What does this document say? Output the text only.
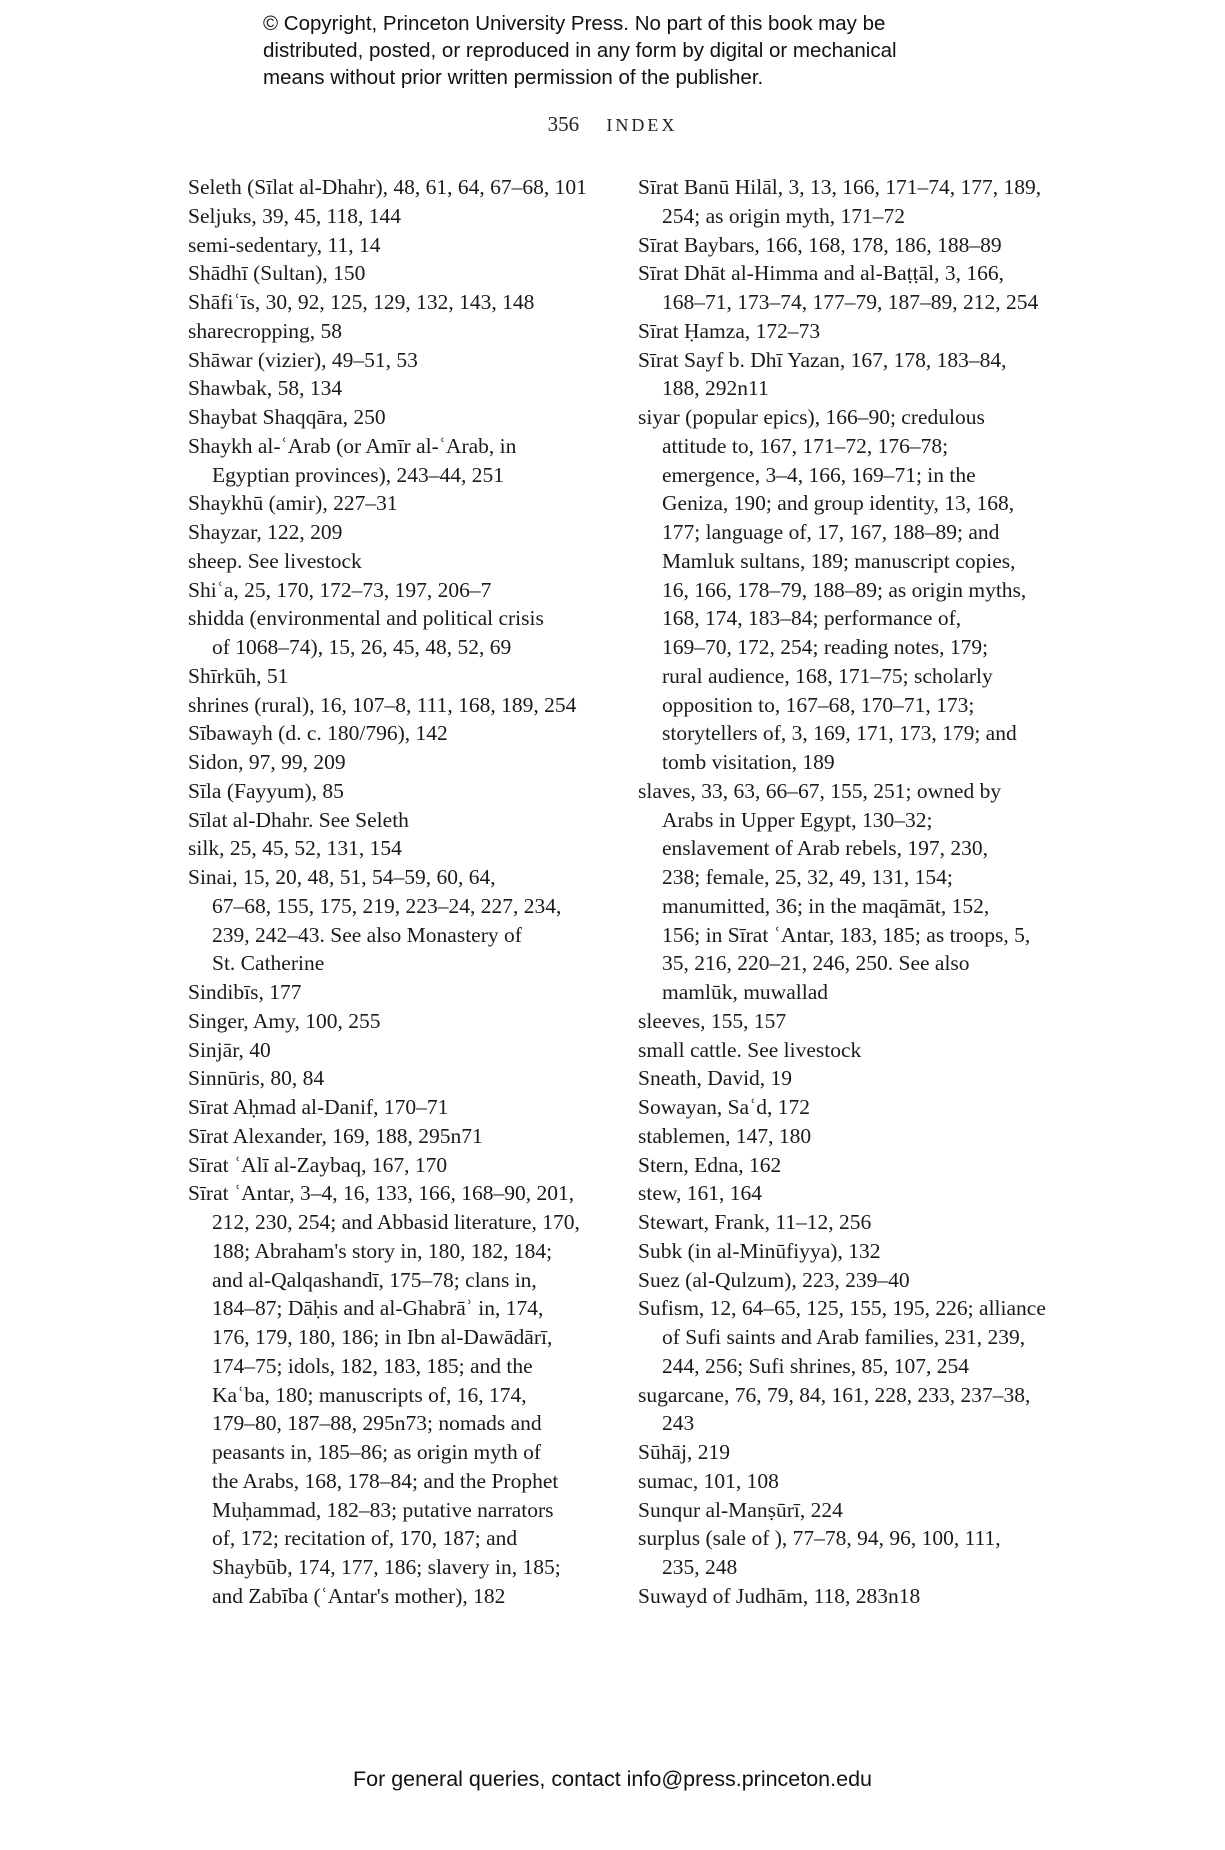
© Copyright, Princeton University Press. No part of this book may be
distributed, posted, or reproduced in any form by digital or mechanical
means without prior written permission of the publisher.
356 INDEX
Seleth (Sīlat al-Dhahr), 48, 61, 64, 67–68, 101
Seljuks, 39, 45, 118, 144
semi-sedentary, 11, 14
Shādhī (Sultan), 150
Shāfiʿīs, 30, 92, 125, 129, 132, 143, 148
sharecropping, 58
Shāwar (vizier), 49–51, 53
Shawbak, 58, 134
Shaybat Shaqqāra, 250
Shaykh al-ʿArab (or Amīr al-ʿArab, in
Egyptian provinces), 243–44, 251
Shaykhū (amir), 227–31
Shayzar, 122, 209
sheep. See livestock
Shiʿa, 25, 170, 172–73, 197, 206–7
shidda (environmental and political crisis
of 1068–74), 15, 26, 45, 48, 52, 69
Shīrkūh, 51
shrines (rural), 16, 107–8, 111, 168, 189, 254
Sībawayh (d. c. 180/796), 142
Sidon, 97, 99, 209
Sīla (Fayyum), 85
Sīlat al-Dhahr. See Seleth
silk, 25, 45, 52, 131, 154
Sinai, 15, 20, 48, 51, 54–59, 60, 64,
67–68, 155, 175, 219, 223–24, 227, 234,
239, 242–43. See also Monastery of
St. Catherine
Sindibīs, 177
Singer, Amy, 100, 255
Sinjār, 40
Sinnūris, 80, 84
Sīrat Aḥmad al-Danif, 170–71
Sīrat Alexander, 169, 188, 295n71
Sīrat ʿAlī al-Zaybaq, 167, 170
Sīrat ʿAntar, 3–4, 16, 133, 166, 168–90, 201,
212, 230, 254; and Abbasid literature, 170,
188; Abraham's story in, 180, 182, 184;
and al-Qalqashandī, 175–78; clans in,
184–87; Dāḥis and al-Ghabrāʾ in, 174,
176, 179, 180, 186; in Ibn al-Dawādārī,
174–75; idols, 182, 183, 185; and the
Kaʿba, 180; manuscripts of, 16, 174,
179–80, 187–88, 295n73; nomads and
peasants in, 185–86; as origin myth of
the Arabs, 168, 178–84; and the Prophet
Muḥammad, 182–83; putative narrators
of, 172; recitation of, 170, 187; and
Shaybūb, 174, 177, 186; slavery in, 185;
and Zabība (ʿAntar's mother), 182
Sīrat Banū Hilāl, 3, 13, 166, 171–74, 177, 189,
254; as origin myth, 171–72
Sīrat Baybars, 166, 168, 178, 186, 188–89
Sīrat Dhāt al-Himma and al-Baṭṭāl, 3, 166,
168–71, 173–74, 177–79, 187–89, 212, 254
Sīrat Ḥamza, 172–73
Sīrat Sayf b. Dhī Yazan, 167, 178, 183–84,
188, 292n11
siyar (popular epics), 166–90; credulous
attitude to, 167, 171–72, 176–78;
emergence, 3–4, 166, 169–71; in the
Geniza, 190; and group identity, 13, 168,
177; language of, 17, 167, 188–89; and
Mamluk sultans, 189; manuscript copies,
16, 166, 178–79, 188–89; as origin myths,
168, 174, 183–84; performance of,
169–70, 172, 254; reading notes, 179;
rural audience, 168, 171–75; scholarly
opposition to, 167–68, 170–71, 173;
storytellers of, 3, 169, 171, 173, 179; and
tomb visitation, 189
slaves, 33, 63, 66–67, 155, 251; owned by
Arabs in Upper Egypt, 130–32;
enslavement of Arab rebels, 197, 230,
238; female, 25, 32, 49, 131, 154;
manumitted, 36; in the maqāmāt, 152,
156; in Sīrat ʿAntar, 183, 185; as troops, 5,
35, 216, 220–21, 246, 250. See also
mamlūk, muwallad
sleeves, 155, 157
small cattle. See livestock
Sneath, David, 19
Sowayan, Saʿd, 172
stablemen, 147, 180
Stern, Edna, 162
stew, 161, 164
Stewart, Frank, 11–12, 256
Subk (in al-Minūfiyya), 132
Suez (al-Qulzum), 223, 239–40
Sufism, 12, 64–65, 125, 155, 195, 226; alliance
of Sufi saints and Arab families, 231, 239,
244, 256; Sufi shrines, 85, 107, 254
sugarcane, 76, 79, 84, 161, 228, 233, 237–38,
243
Sūhāj, 219
sumac, 101, 108
Sunqur al-Manṣūrī, 224
surplus (sale of ), 77–78, 94, 96, 100, 111,
235, 248
Suwayd of Judhām, 118, 283n18
For general queries, contact info@press.princeton.edu
